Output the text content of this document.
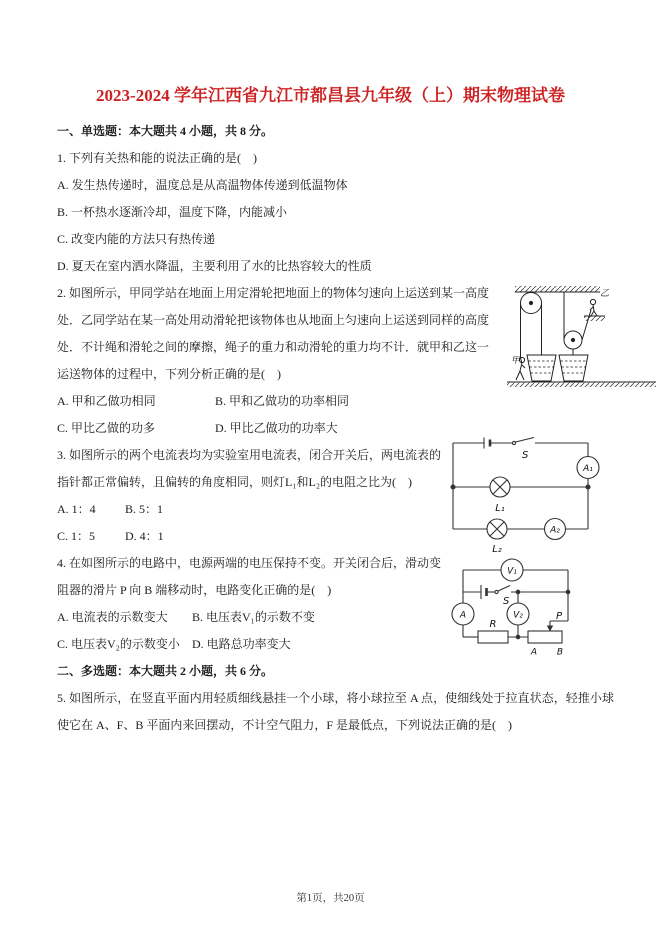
2023-2024 学年江西省九江市都昌县九年级（上）期末物理试卷

一、单选题：本大题共 4 小题，共 8 分。

1. 下列有关热和能的说法正确的是(　)

A. 发生热传递时，温度总是从高温物体传递到低温物体

B. 一杯热水逐渐冷却，温度下降，内能减小

C. 改变内能的方法只有热传递

D. 夏天在室内洒水降温，主要利用了水的比热容较大的性质

2. 如图所示，甲同学站在地面上用定滑轮把地面上的物体匀速向上运送到某一高度处．乙同学站在某一高处用动滑轮把该物体也从地面上匀速向上运送到同样的高度处．不计绳和滑轮之间的摩擦，绳子的重力和动滑轮的重力均不计．就甲和乙这一运送物体的过程中，下列分析正确的是(　)

A. 甲和乙做功相同	B. 甲和乙做功的功率相同

C. 甲比乙做的功多	D. 甲比乙做功的功率大

3. 如图所示的两个电流表均为实验室用电流表，闭合开关后，两电流表的指针都正常偏转，且偏转的角度相同，则灯L₁和L₂的电阻之比为(　)

A. 1：4 B. 5：1

C. 1：5 D. 4：1

4. 在如图所示的电路中，电源两端的电压保持不变。开关闭合后，滑动变阻器的滑片 P 向 B 端移动时，电路变化正确的是(　)

A. 电流表的示数变大 B. 电压表V₁的示数不变

C. 电压表V₂的示数变小 D. 电路总功率变大

二、多选题：本大题共 2 小题，共 6 分。

5. 如图所示，在竖直平面内用轻质细线悬挂一个小球，将小球拉至 A 点，使细线处于拉直状态，轻推小球使它在 A、F、B 平面内来回摆动，不计空气阻力，F 是最低点，下列说法正确的是(　)

甲
乙
S
A₁
L₁
L₂
A₂
V₁
S
A	V₂
R
P
A B
第1页，共20页
